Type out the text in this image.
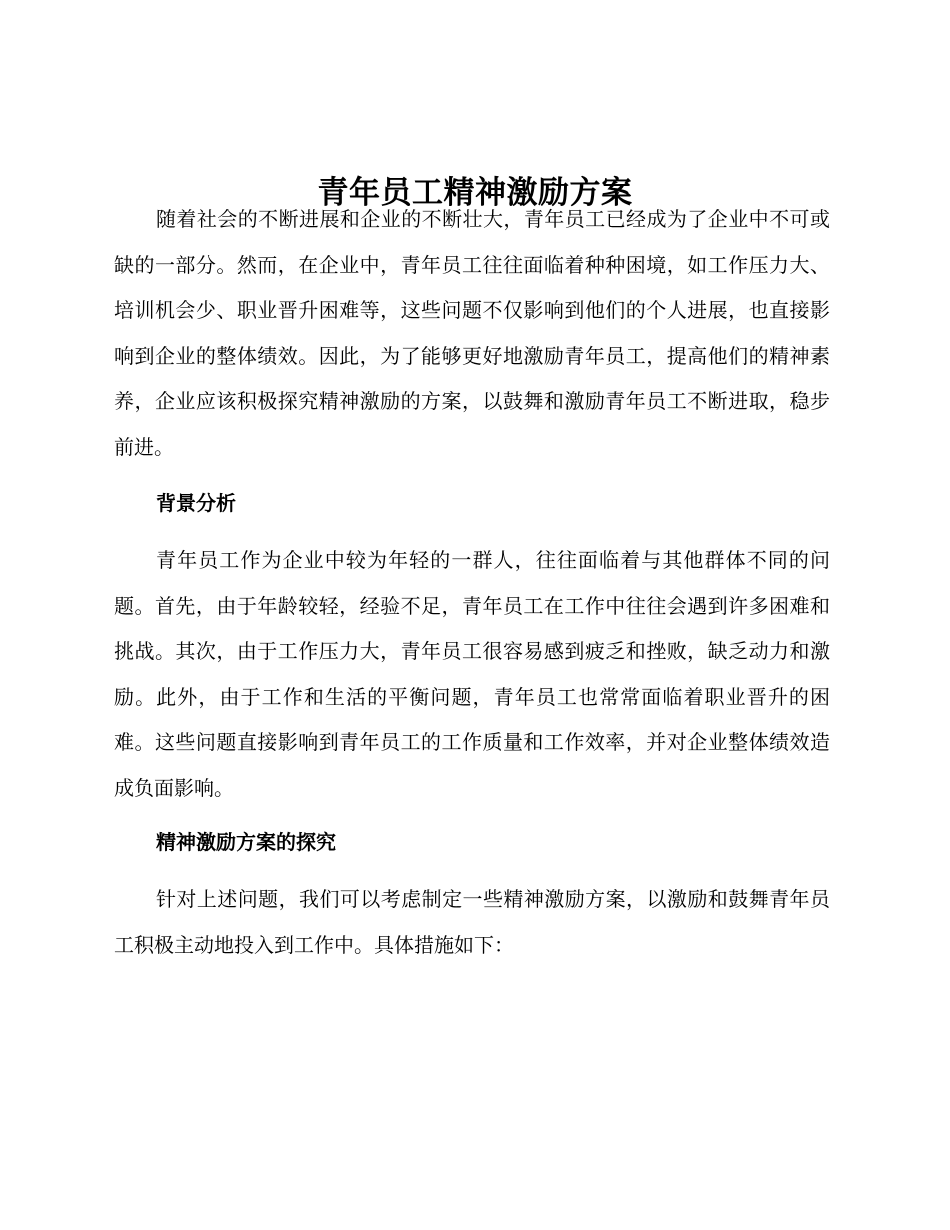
青年员工精神激励方案

随着社会的不断进展和企业的不断壮大，青年员工已经成为了企业中不可或缺的一部分。然而，在企业中，青年员工往往面临着种种困境，如工作压力大、培训机会少、职业晋升困难等，这些问题不仅影响到他们的个人进展，也直接影响到企业的整体绩效。因此，为了能够更好地激励青年员工，提高他们的精神素养，企业应该积极探究精神激励的方案，以鼓舞和激励青年员工不断进取，稳步前进。

背景分析

青年员工作为企业中较为年轻的一群人，往往面临着与其他群体不同的问题。首先，由于年龄较轻，经验不足，青年员工在工作中往往会遇到许多困难和挑战。其次，由于工作压力大，青年员工很容易感到疲乏和挫败，缺乏动力和激励。此外，由于工作和生活的平衡问题，青年员工也常常面临着职业晋升的困难。这些问题直接影响到青年员工的工作质量和工作效率，并对企业整体绩效造成负面影响。

精神激励方案的探究

针对上述问题，我们可以考虑制定一些精神激励方案，以激励和鼓舞青年员工积极主动地投入到工作中。具体措施如下：
